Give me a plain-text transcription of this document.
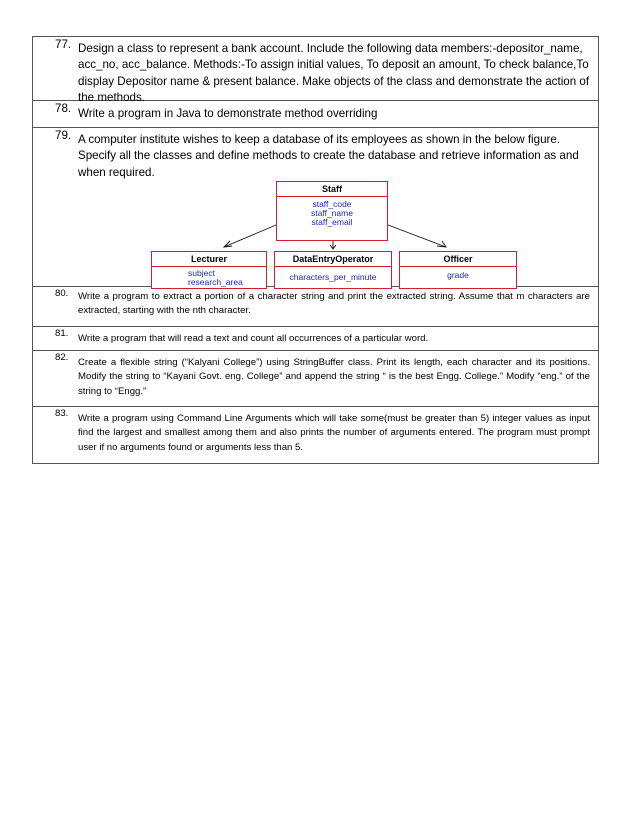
77. Design a class to represent a bank account. Include the following data members:-depositor_name, acc_no, acc_balance. Methods:-To assign initial values, To deposit an amount, To check balance,To display Depositor name & present balance. Make objects of the class and demonstrate the action of the methods.
78. Write a program in Java to demonstrate method overriding
79. A computer institute wishes to keep a database of its employees as shown in the below figure. Specify all the classes and define methods to create the database and retrieve information as and when required.
Staff
staff_code
staff_name
staff_email
Lecturer
subject
research_area
DataEntryOperator
characters_per_minute
Officer
grade
80. Write a program to extract a portion of a character string and print the extracted string. Assume that m characters are extracted, starting with the nth character.
81. Write a program that will read a text and count all occurrences of a particular word.
82. Create a flexible string (“Kalyani College”) using StringBuffer class. Print its length, each character and its positions. Modify the string to “Kayani Govt. eng. College” and append the string “ is the best Engg. College.” Modify “eng.” of the string to “Engg.”
83. Write a program using Command Line Arguments which will take some(must be greater than 5) integer values as input find the largest and smallest among them and also prints the number of arguments entered. The program must prompt user if no arguments found or arguments less than 5.
